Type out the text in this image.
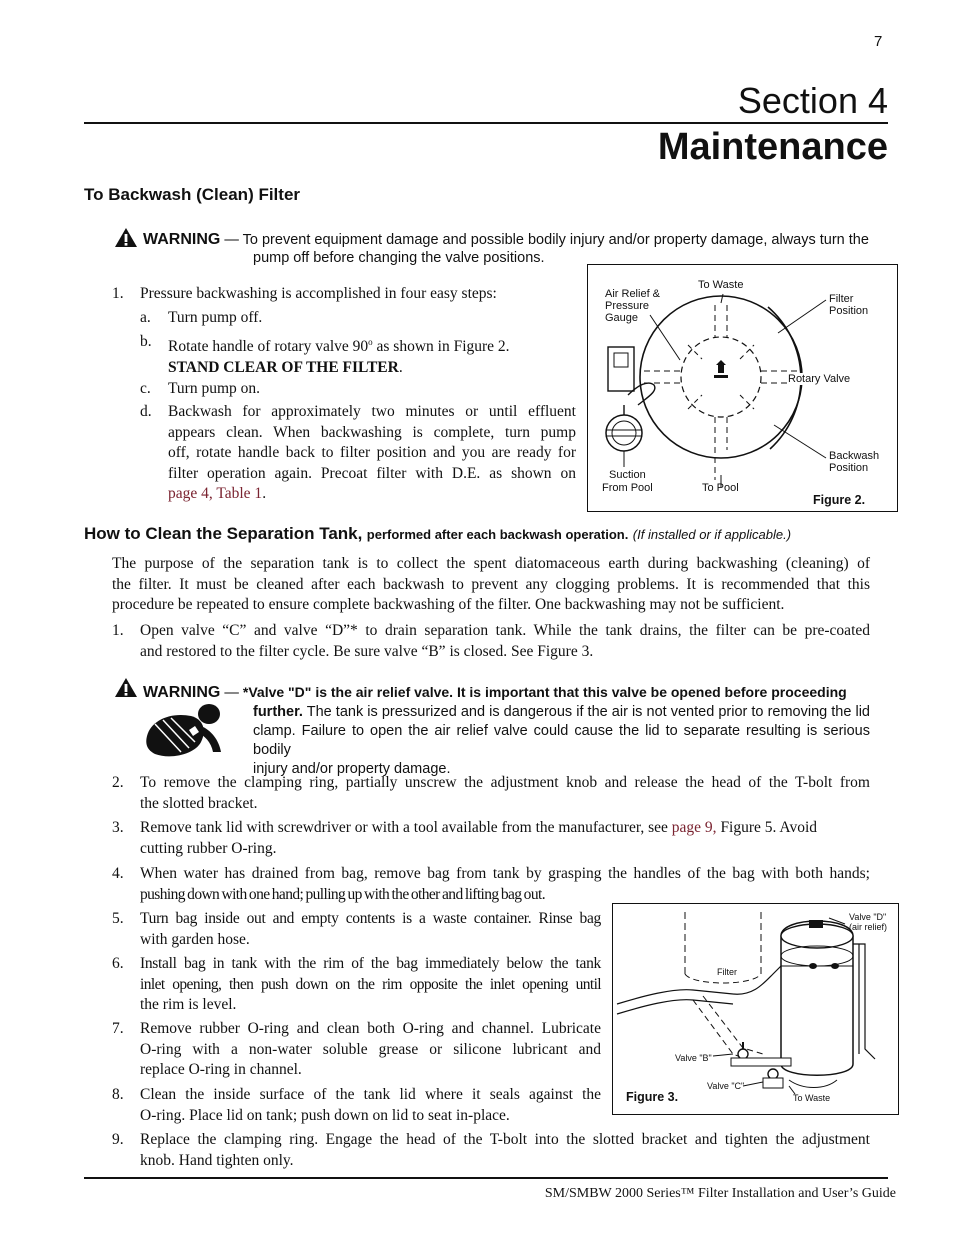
7
Section 4
Maintenance
To Backwash (Clean) Filter
WARNING — To prevent equipment damage and possible bodily injury and/or property damage, always turn the
pump off before changing the valve positions.
1. Pressure backwashing is accomplished in four easy steps:
a. Turn pump off.
b. Rotate handle of rotary valve 90$^o$ as shown in Figure 2.
STAND CLEAR OF THE FILTER.
c. Turn pump on.
d. Backwash for approximately two minutes or until effluent
appears clean. When backwashing is complete, turn pump
off, rotate handle back to filter position and you are ready for
filter operation again. Precoat filter with D.E. as shown on
page 4, Table 1.
Air Relief &
Pressure
Gauge
To Waste
Filter
Position
Rotary Valve
Backwash
Position
Suction
From Pool	To Pool
Figure 2.
How to Clean the Separation Tank, performed after each backwash operation. (If installed or if applicable.)
The purpose of the separation tank is to collect the spent diatomaceous earth during backwashing (cleaning) of
the filter. It must be cleaned after each backwash to prevent any clogging problems. It is recommended that this
procedure be repeated to ensure complete backwashing of the filter. One backwashing may not be sufficient.
1. Open valve “C” and valve “D”* to drain separation tank. While the tank drains, the filter can be pre-coated
and restored to the filter cycle. Be sure valve “B” is closed. See Figure 3.
WARNING — *Valve "D" is the air relief valve. It is important that this valve be opened before proceeding
further. The tank is pressurized and is dangerous if the air is not vented prior to removing the lid
clamp. Failure to open the air relief valve could cause the lid to separate resulting is serious bodily
injury and/or property damage.
2. To remove the clamping ring, partially unscrew the adjustment knob and release the head of the T-bolt from
the slotted bracket.
3. Remove tank lid with screwdriver or with a tool available from the manufacturer, see page 9, Figure 5. Avoid
cutting rubber O-ring.
4. When water has drained from bag, remove bag from tank by grasping the handles of the bag with both hands;
pushing down with one hand; pulling up with the other and lifting bag out.
5. Turn bag inside out and empty contents is a waste container. Rinse bag
with garden hose.
6. Install bag in tank with the rim of the bag immediately below the tank
inlet opening, then push down on the rim opposite the inlet opening until
the rim is level.
7. Remove rubber O-ring and clean both O-ring and channel. Lubricate
O-ring with a non-water soluble grease or silicone lubricant and
replace O-ring in channel.
8. Clean the inside surface of the tank lid where it seals against the
O-ring. Place lid on tank; push down on lid to seat in-place.
Valve "D"
(air relief)
Filter
Valve "B"
Valve "C"
To Waste
Figure 3.
9. Replace the clamping ring. Engage the head of the T-bolt into the slotted bracket and tighten the adjustment
knob. Hand tighten only.
SM/SMBW 2000 Series™ Filter Installation and User’s Guide
